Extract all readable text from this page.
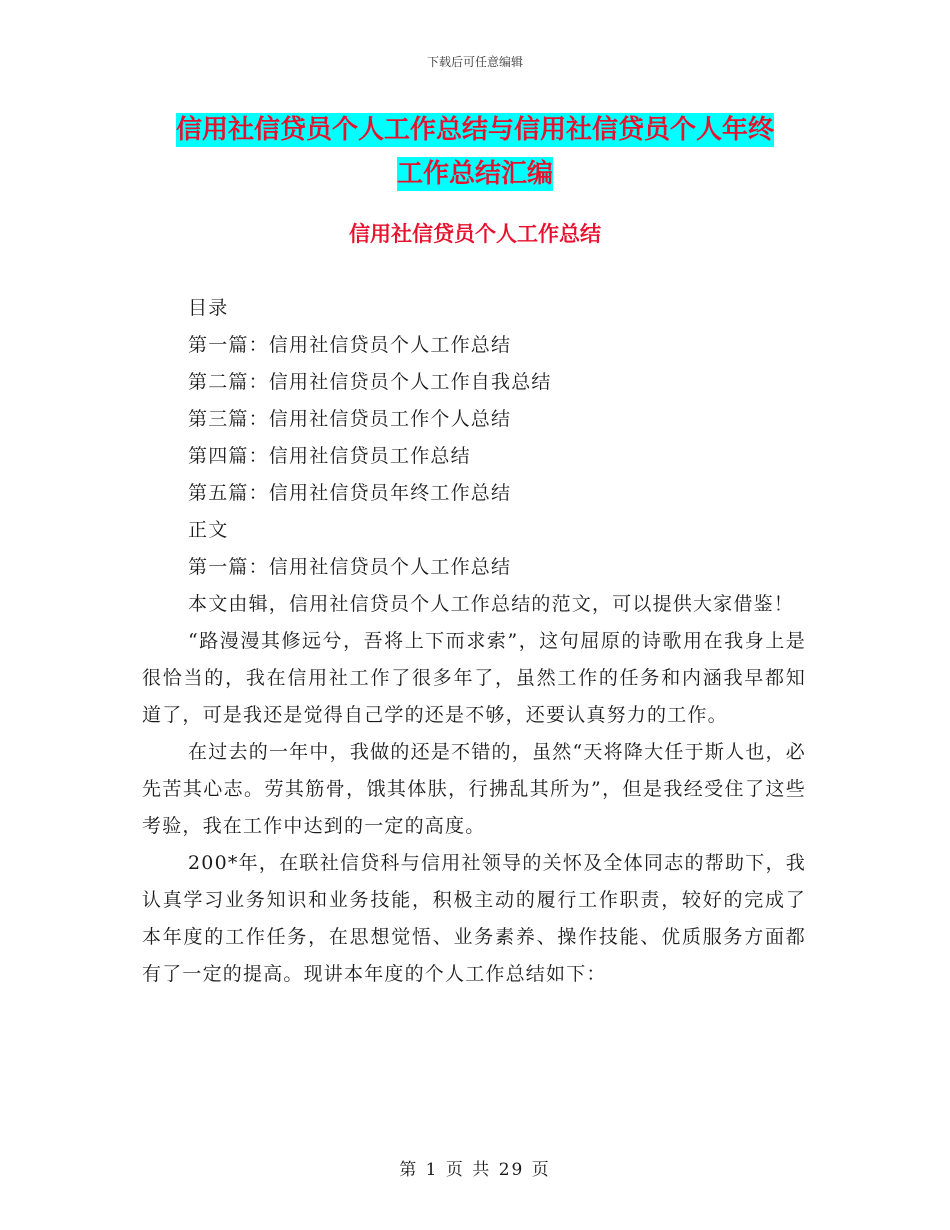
下载后可任意编辑
信用社信贷员个人工作总结与信用社信贷员个人年终
工作总结汇编
信用社信贷员个人工作总结
目录
第一篇：信用社信贷员个人工作总结
第二篇：信用社信贷员个人工作自我总结
第三篇：信用社信贷员工作个人总结
第四篇：信用社信贷员工作总结
第五篇：信用社信贷员年终工作总结
正文
第一篇：信用社信贷员个人工作总结

本文由辑，信用社信贷员个人工作总结的范文，可以提供大家借鉴！

“路漫漫其修远兮，吾将上下而求索”，这句屈原的诗歌用在我身上是很恰当的，我在信用社工作了很多年了，虽然工作的任务和内涵我早都知道了，可是我还是觉得自己学的还是不够，还要认真努力的工作。

在过去的一年中，我做的还是不错的，虽然“天将降大任于斯人也，必先苦其心志。劳其筋骨，饿其体肤，行拂乱其所为”，但是我经受住了这些考验，我在工作中达到的一定的高度。

200*年，在联社信贷科与信用社领导的关怀及全体同志的帮助下，我认真学习业务知识和业务技能，积极主动的履行工作职责，较好的完成了本年度的工作任务，在思想觉悟、业务素养、操作技能、优质服务方面都有了一定的提高。现讲本年度的个人工作总结如下：

第 1 页 共 29 页
